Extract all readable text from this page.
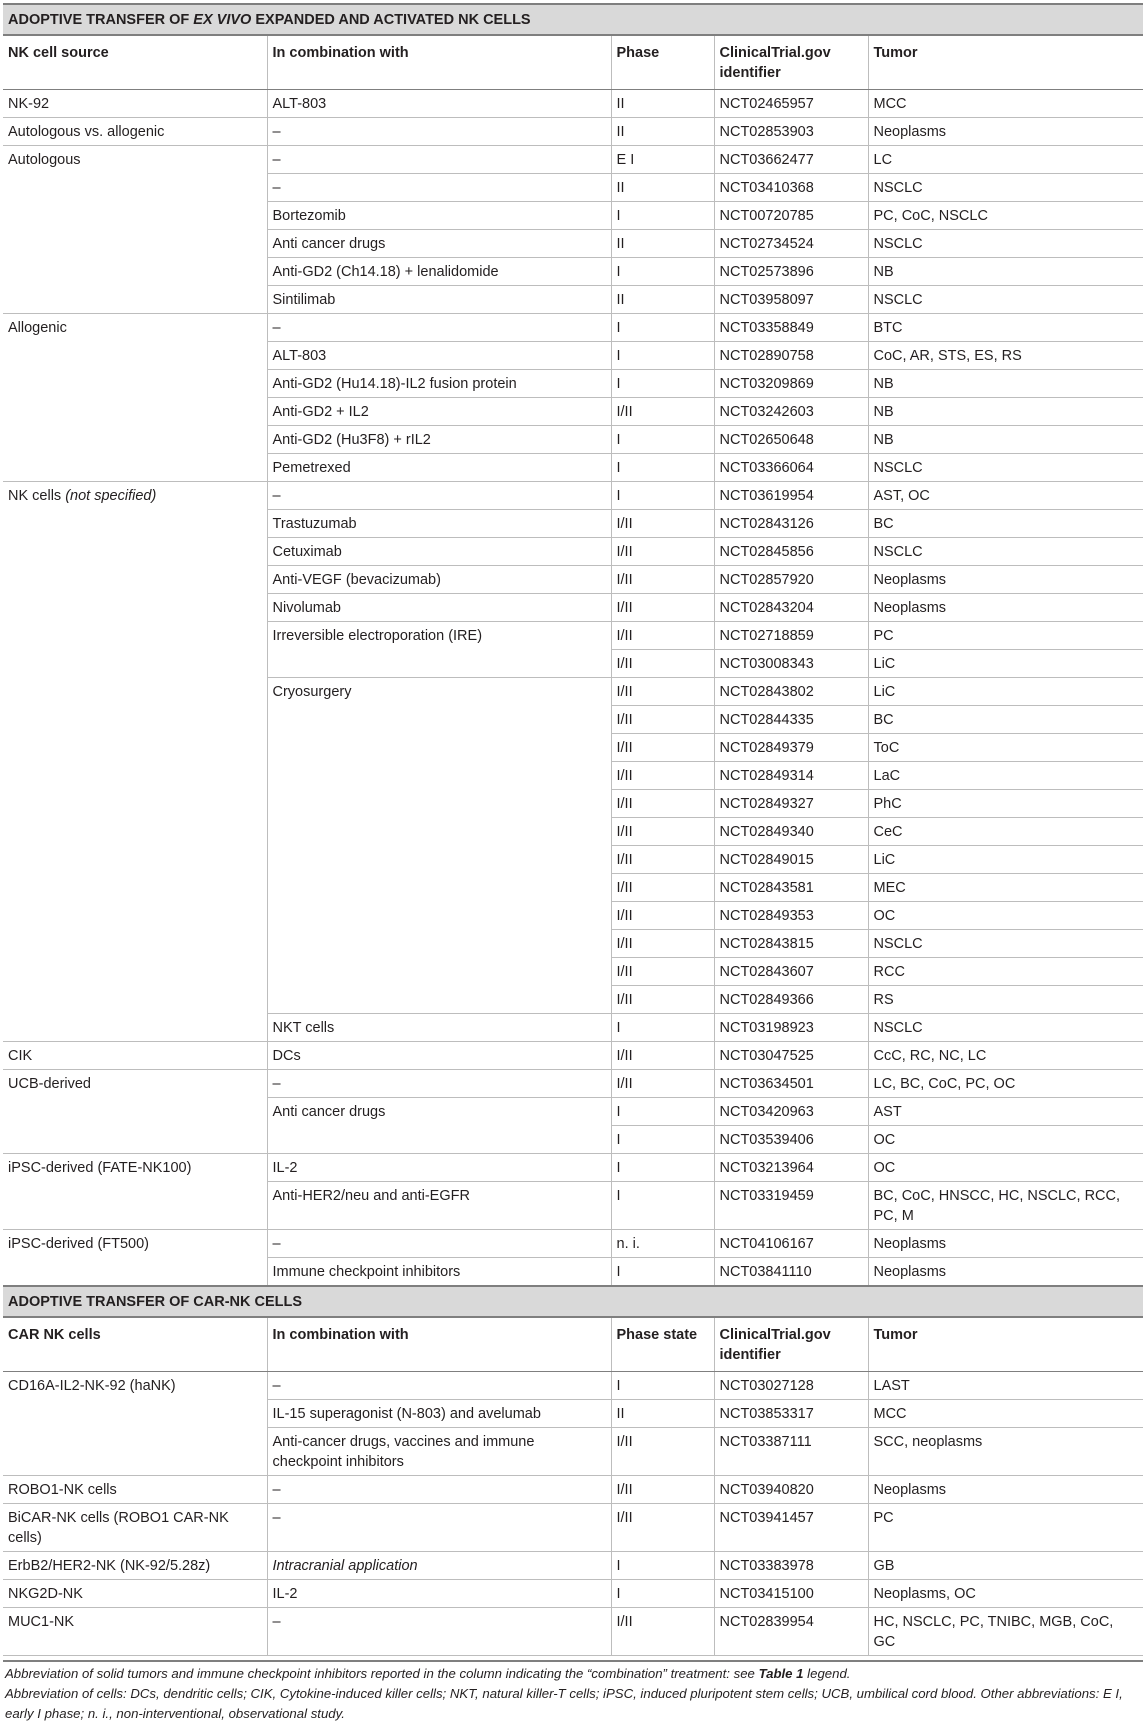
ADOPTIVE TRANSFER OF EX VIVO EXPANDED AND ACTIVATED NK CELLS				
NK cell source	In combination with	Phase	ClinicalTrial.gov identifier	Tumor
NK-92	ALT-803	II	NCT02465957	MCC
Autologous vs. allogenic	–	II	NCT02853903	Neoplasms
Autologous	–	E I	NCT03662477	LC
	–	II	NCT03410368	NSCLC
	Bortezomib	I	NCT00720785	PC, CoC, NSCLC
	Anti cancer drugs	II	NCT02734524	NSCLC
	Anti-GD2 (Ch14.18) + lenalidomide	I	NCT02573896	NB
	Sintilimab	II	NCT03958097	NSCLC
Allogenic	–	I	NCT03358849	BTC
	ALT-803	I	NCT02890758	CoC, AR, STS, ES, RS
	Anti-GD2 (Hu14.18)-IL2 fusion protein	I	NCT03209869	NB
	Anti-GD2 + IL2	I/II	NCT03242603	NB
	Anti-GD2 (Hu3F8) + rIL2	I	NCT02650648	NB
	Pemetrexed	I	NCT03366064	NSCLC
NK cells (not specified)	–	I	NCT03619954	AST, OC
	Trastuzumab	I/II	NCT02843126	BC
	Cetuximab	I/II	NCT02845856	NSCLC
	Anti-VEGF (bevacizumab)	I/II	NCT02857920	Neoplasms
	Nivolumab	I/II	NCT02843204	Neoplasms
	Irreversible electroporation (IRE)	I/II	NCT02718859	PC
		I/II	NCT03008343	LiC
	Cryosurgery	I/II	NCT02843802	LiC
		I/II	NCT02844335	BC
		I/II	NCT02849379	ToC
		I/II	NCT02849314	LaC
		I/II	NCT02849327	PhC
		I/II	NCT02849340	CeC
		I/II	NCT02849015	LiC
		I/II	NCT02843581	MEC
		I/II	NCT02849353	OC
		I/II	NCT02843815	NSCLC
		I/II	NCT02843607	RCC
		I/II	NCT02849366	RS
	NKT cells	I	NCT03198923	NSCLC
CIK	DCs	I/II	NCT03047525	CcC, RC, NC, LC
UCB-derived	–	I/II	NCT03634501	LC, BC, CoC, PC, OC
	Anti cancer drugs	I	NCT03420963	AST
		I	NCT03539406	OC
iPSC-derived (FATE-NK100)	IL-2	I	NCT03213964	OC
	Anti-HER2/neu and anti-EGFR	I	NCT03319459	BC, CoC, HNSCC, HC, NSCLC, RCC, PC, M
iPSC-derived (FT500)	–	n. i.	NCT04106167	Neoplasms
	Immune checkpoint inhibitors	I	NCT03841110	Neoplasms
ADOPTIVE TRANSFER OF CAR-NK CELLS				
CAR NK cells	In combination with	Phase state	ClinicalTrial.gov identifier	Tumor
CD16A-IL2-NK-92 (haNK)	–	I	NCT03027128	LAST
	IL-15 superagonist (N-803) and avelumab	II	NCT03853317	MCC
	Anti-cancer drugs, vaccines and immune checkpoint inhibitors	I/II	NCT03387111	SCC, neoplasms
ROBO1-NK cells	–	I/II	NCT03940820	Neoplasms
BiCAR-NK cells (ROBO1 CAR-NK cells)	–	I/II	NCT03941457	PC
ErbB2/HER2-NK (NK-92/5.28z)	Intracranial application	I	NCT03383978	GB
NKG2D-NK	IL-2	I	NCT03415100	Neoplasms, OC
MUC1-NK	–	I/II	NCT02839954	HC, NSCLC, PC, TNIBC, MGB, CoC, GC
Abbreviation of solid tumors and immune checkpoint inhibitors reported in the column indicating the “combination” treatment: see Table 1 legend.
Abbreviation of cells: DCs, dendritic cells; CIK, Cytokine-induced killer cells; NKT, natural killer-T cells; iPSC, induced pluripotent stem cells; UCB, umbilical cord blood. Other abbreviations: E I, early I phase; n. i., non-interventional, observational study.
